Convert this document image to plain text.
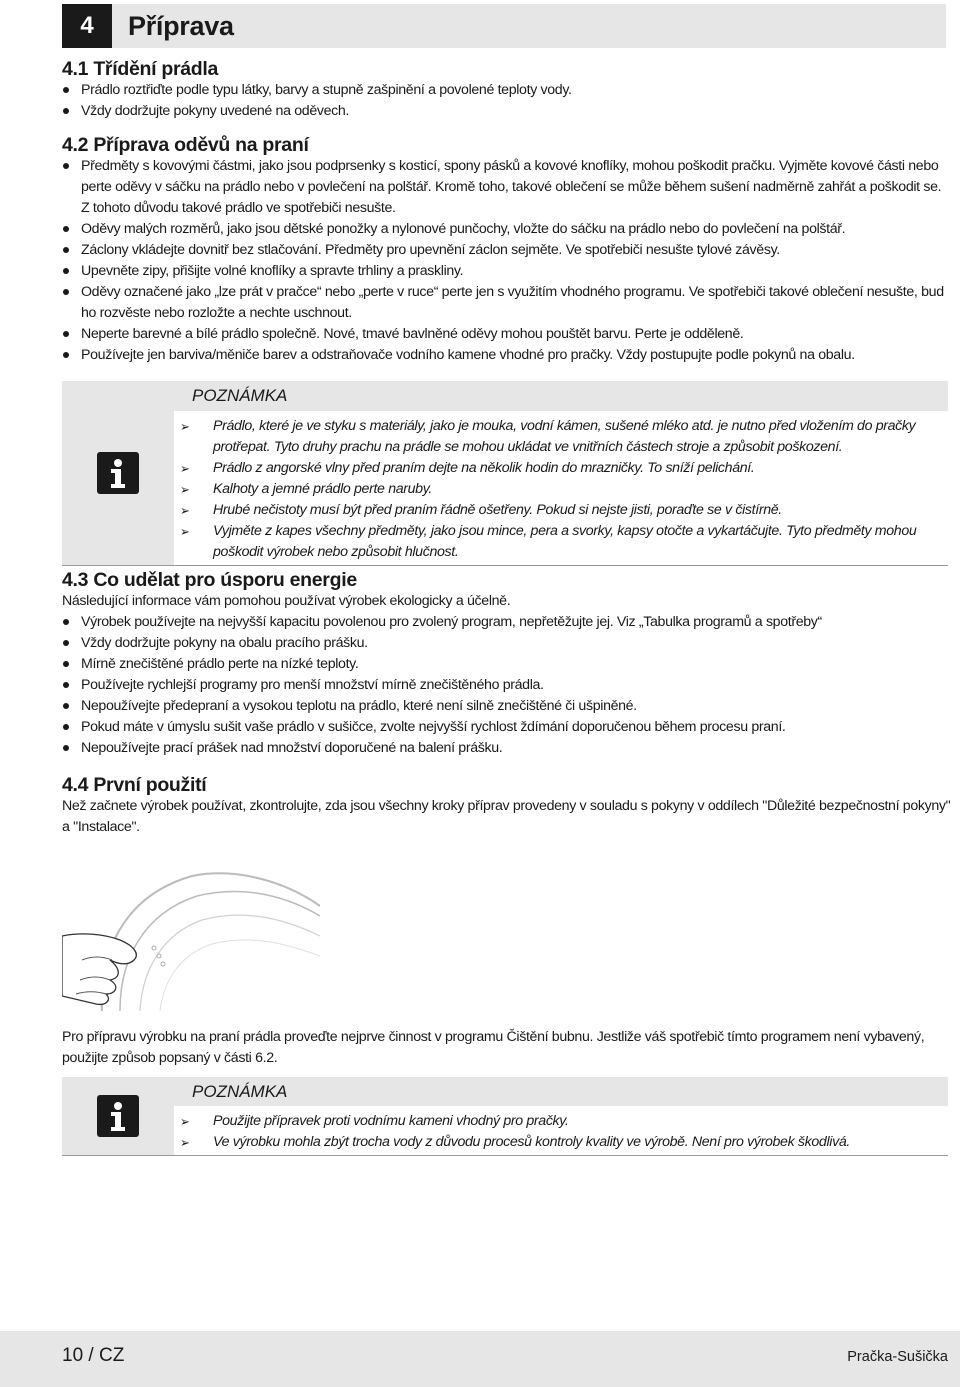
4	Příprava
4.1 Třídění prádla
Prádlo roztřiďte podle typu látky, barvy a stupně zašpinění a povolené teploty vody.
Vždy dodržujte pokyny uvedené na oděvech.
4.2 Příprava oděvů na praní
Předměty s kovovými částmi, jako jsou podprsenky s kosticí, spony pásků a kovové knoflíky, mohou poškodit pračku. Vyjměte kovové části nebo perte oděvy v sáčku na prádlo nebo v povlečení na polštář. Kromě toho, takové oblečení se může během sušení nadměrně zahřát a poškodit se. Z tohoto důvodu takové prádlo ve spotřebiči nesušte.
Oděvy malých rozměrů, jako jsou dětské ponožky a nylonové punčochy, vložte do sáčku na prádlo nebo do povlečení na polštář.
Záclony vkládejte dovnitř bez stlačování. Předměty pro upevnění záclon sejměte. Ve spotřebiči nesušte tylové závěsy.
Upevněte zipy, přišijte volné knoflíky a spravte trhliny a praskliny.
Oděvy označené jako „lze prát v pračce“ nebo „perte v ruce“ perte jen s využitím vhodného programu. Ve spotřebiči takové oblečení nesušte, bud ho rozvěste nebo rozložte a nechte uschnout.
Neperte barevné a bílé prádlo společně. Nové, tmavé bavlněné oděvy mohou pouštět barvu. Perte je odděleně.
Používejte jen barviva/měniče barev a odstraňovače vodního kamene vhodné pro pračky. Vždy postupujte podle pokynů na obalu.
POZNÁMKA
➢ Prádlo, které je ve styku s materiály, jako je mouka, vodní kámen, sušené mléko atd. je nutno před vložením do pračky protřepat. Tyto druhy prachu na prádle se mohou ukládat ve vnitřních částech stroje a způsobit poškození.
➢ Prádlo z angorské vlny před praním dejte na několik hodin do mrazničky. To sníží pelichání.
➢ Kalhoty a jemné prádlo perte naruby.
➢ Hrubé nečistoty musí být před praním řádně ošetřeny. Pokud si nejste jisti, poraďte se v čistírně.
➢ Vyjměte z kapes všechny předměty, jako jsou mince, pera a svorky, kapsy otočte a vykartáčujte. Tyto předměty mohou poškodit výrobek nebo způsobit hlučnost.
4.3 Co udělat pro úsporu energie
Následující informace vám pomohou používat výrobek ekologicky a účelně.
Výrobek používejte na nejvyšší kapacitu povolenou pro zvolený program, nepřetěžujte jej. Viz „Tabulka programů a spotřeby“
Vždy dodržujte pokyny na obalu pracího prášku.
Mírně znečištěné prádlo perte na nízké teploty.
Používejte rychlejší programy pro menší množství mírně znečištěného prádla.
Nepoužívejte předepraní a vysokou teplotu na prádlo, které není silně znečištěné či ušpiněné.
Pokud máte v úmyslu sušit vaše prádlo v sušičce, zvolte nejvyšší rychlost ždímání doporučenou během procesu praní.
Nepoužívejte prací prášek nad množství doporučené na balení prášku.
4.4 První použití
Než začnete výrobek používat, zkontrolujte, zda jsou všechny kroky příprav provedeny v souladu s pokyny v oddílech "Důležité bezpečnostní pokyny" a "Instalace".
Pro přípravu výrobku na praní prádla proveďte nejprve činnost v programu Čištění bubnu. Jestliže váš spotřebič tímto programem není vybavený, použijte způsob popsaný v části 6.2.
POZNÁMKA
➢ Použijte přípravek proti vodnímu kameni vhodný pro pračky.
➢ Ve výrobku mohla zbýt trocha vody z důvodu procesů kontroly kvality ve výrobě. Není pro výrobek škodlivá.
10 / CZ	Pračka-Sušička
